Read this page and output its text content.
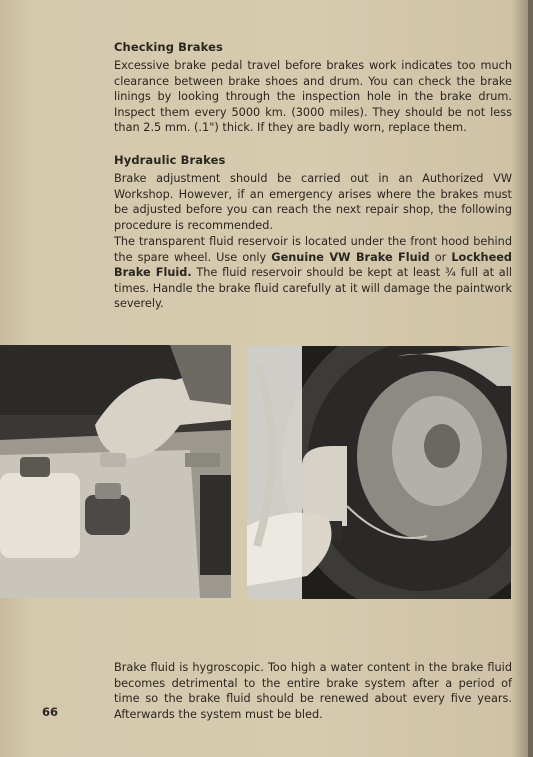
Checking Brakes
Excessive brake pedal travel before brakes work indicates too much clearance between brake shoes and drum. You can check the brake linings by looking through the inspection hole in the brake drum. Inspect them every 5000 km. (3000 miles). They should be not less than 2.5 mm. (.1") thick. If they are badly worn, replace them.
Hydraulic Brakes
Brake adjustment should be carried out in an Authorized VW Workshop. However, if an emergency arises where the brakes must be adjusted before you can reach the next repair shop, the following procedure is recommended.
The transparent fluid reservoir is located under the front hood behind the spare wheel. Use only Genuine VW Brake Fluid or Lockheed Brake Fluid. The fluid reservoir should be kept at least ¾ full at all times. Handle the brake fluid carefully at it will damage the paintwork severely.
Brake fluid is hygroscopic. Too high a water content in the brake fluid becomes detrimental to the entire brake system after a period of time so the brake fluid should be renewed about every five years. Afterwards the system must be bled.
66
